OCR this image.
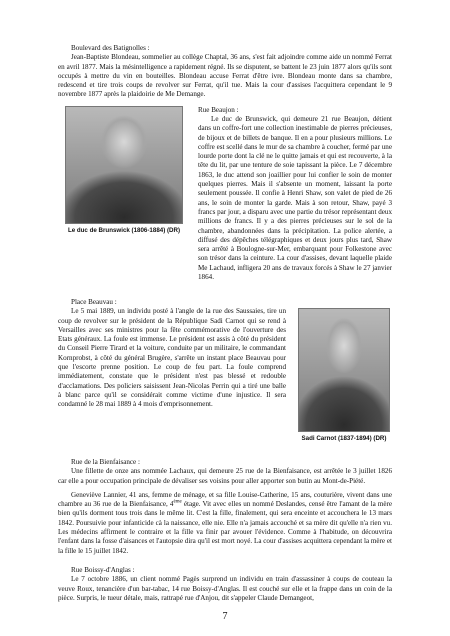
Boulevard des Batignolles :

Jean-Baptiste Blondeau, sommelier au collège Chaptal, 36 ans, s'est fait adjoindre comme aide un nommé Ferrat en avril 1877. Mais la mésintelligence a rapidement régné. Ils se disputent, se battent le 23 juin 1877 alors qu'ils sont occupés à mettre du vin en bouteilles. Blondeau accuse Ferrat d'être ivre. Blondeau monte dans sa chambre, redescend et tire trois coups de revolver sur Ferrat, qu'il tue. Mais la cour d'assises l'acquittera cependant le 9 novembre 1877 après la plaidoirie de Me Demange.

Le duc de Brunswick (1806-1884) (DR)

Rue Beaujon :

Le duc de Brunswick, qui demeure 21 rue Beaujon, détient dans un coffre-fort une collection inestimable de pierres précieuses, de bijoux et de billets de banque. Il en a pour plusieurs millions. Le coffre est scellé dans le mur de sa chambre à coucher, fermé par une lourde porte dont la clé ne le quitte jamais et qui est recouverte, à la tête du lit, par une tenture de soie tapissant la pièce. Le 7 décembre 1863, le duc attend son joaillier pour lui confier le soin de monter quelques pierres. Mais il s'absente un moment, laissant la porte seulement poussée. Il confie à Henri Shaw, son valet de pied de 26 ans, le soin de monter la garde. Mais à son retour, Shaw, payé 3 francs par jour, a disparu avec une partie du trésor représentant deux millions de francs. Il y a des pierres précieuses sur le sol de la chambre, abandonnées dans la précipitation. La police alertée, a diffusé des dépêches télégraphiques et deux jours plus tard, Shaw sera arrêté à Boulogne-sur-Mer, embarquant pour Folkestone avec son trésor dans la ceinture. La cour d'assises, devant laquelle plaide Me Lachaud, infligera 20 ans de travaux forcés à Shaw le 27 janvier 1864.

Place Beauvau :

Le 5 mai 1889, un individu posté à l'angle de la rue des Saussaies, tire un coup de revolver sur le président de la République Sadi Carnot qui se rend à Versailles avec ses ministres pour la fête commémorative de l'ouverture des Etats généraux. La foule est immense. Le président est assis à côté du président du Conseil Pierre Tirard et la voiture, conduite par un militaire, le commandant Kornprobst, à côté du général Brugère, s'arrête un instant place Beauvau pour que l'escorte prenne position. Le coup de feu part. La foule comprend immédiatement, constate que le président n'est pas blessé et redouble d'acclamations. Des policiers saisissent Jean-Nicolas Perrin qui a tiré une balle à blanc parce qu'il se considérait comme victime d'une injustice. Il sera condamné le 28 mai 1889 à 4 mois d'emprisonnement.

Sadi Carnot (1837-1894) (DR)

Rue de la Bienfaisance :

Une fillette de onze ans nommée Lachaux, qui demeure 25 rue de la Bienfaisance, est arrêtée le 3 juillet 1826 car elle a pour occupation principale de dévaliser ses voisins pour aller apporter son butin au Mont-de-Piété.

Geneviève Lannier, 41 ans, femme de ménage, et sa fille Louise-Catherine, 15 ans, couturière, vivent dans une chambre au 36 rue de la Bienfaisance, 4ème étage. Vit avec elles un nommé Deslandes, censé être l'amant de la mère bien qu'ils dorment tous trois dans le même lit. C'est la fille, finalement, qui sera enceinte et accouchera le 13 mars 1842. Poursuivie pour infanticide cà la naissance, elle nie. Elle n'a jamais accouché et sa mère dit qu'elle n'a rien vu. Les médecins affirment le contraire et la fille va finir par avouer l'évidence. Comme à l'habitude, on découvrira l'enfant dans la fosse d'aisances et l'autopsie dira qu'il est mort noyé. La cour d'assises acquittera cependant la mère et la fille le 15 juillet 1842.

Rue Boissy-d'Anglas :

Le 7 octobre 1886, un client nommé Pagès surprend un individu en train d'assassiner à coups de couteau la veuve Roux, tenancière d'un bar-tabac, 14 rue Boissy-d'Anglas. Il est couché sur elle et la frappe dans un coin de la pièce. Surpris, le tueur détale, mais, rattrapé rue d'Anjou, dit s'appeler Claude Demangeot,

7
